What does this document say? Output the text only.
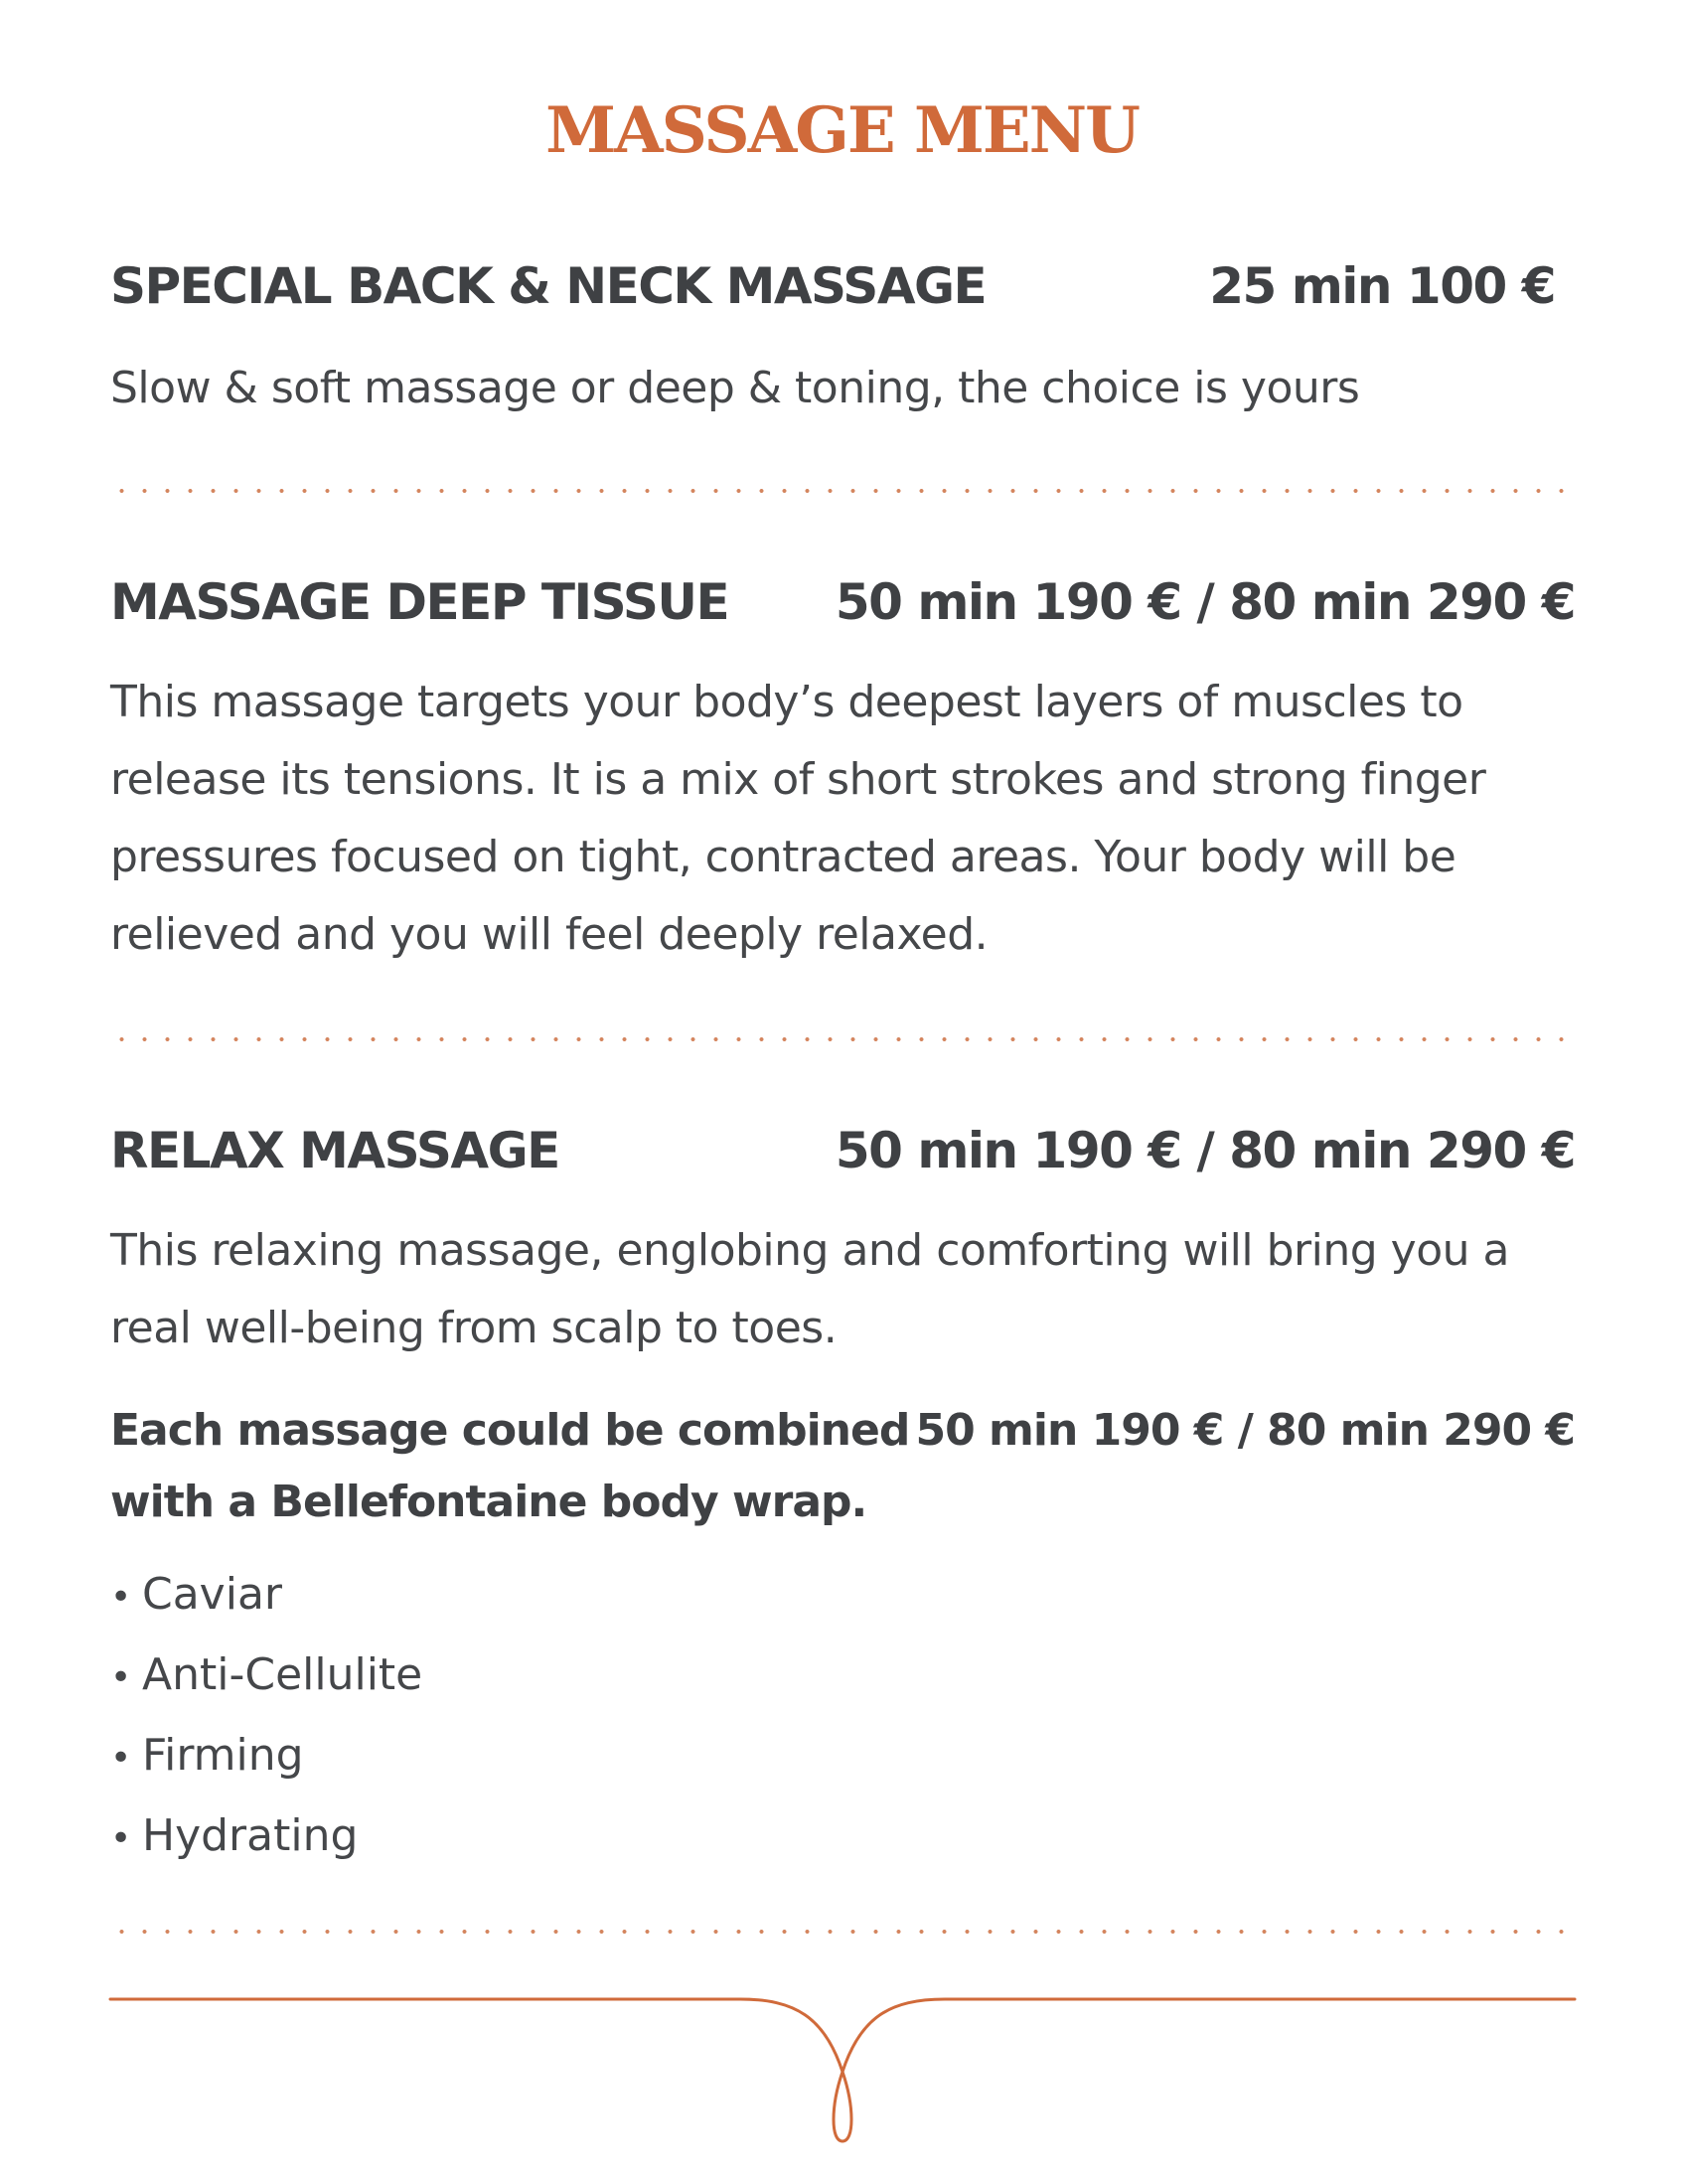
MASSAGE MENU
SPECIAL BACK & NECK MASSAGE	25 min 100 €

Slow & soft massage or deep & toning, the choice is yours

MASSAGE DEEP TISSUE 50 min 190 € / 80 min 290 €
This massage targets your body’s deepest layers of muscles to
release its tensions. It is a mix of short strokes and strong finger
pressures focused on tight, contracted areas. Your body will be
relieved and you will feel deeply relaxed.
RELAX MASSAGE	50 min 190 € / 80 min 290 €
This relaxing massage, englobing and comforting will bring you a
real well-being from scalp to toes.
Each massage could be combined
with a Bellefontaine body wrap.
50 min 190 € / 80 min 290 €
• Caviar
• Anti-Cellulite
• Firming
• Hydrating
